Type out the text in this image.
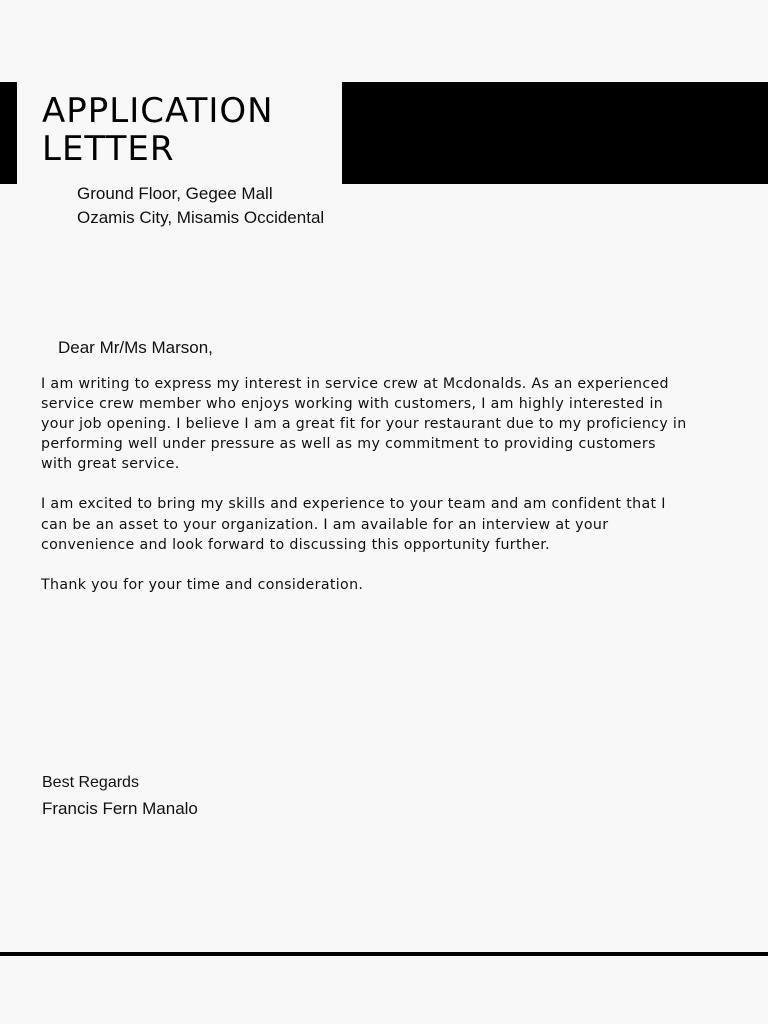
APPLICATION
LETTER
Ground Floor, Gegee Mall
Ozamis City, Misamis Occidental
Dear Mr/Ms Marson,

I am writing to express my interest in service crew at Mcdonalds. As an experienced service crew member who enjoys working with customers, I am highly interested in your job opening. I believe I am a great fit for your restaurant due to my proficiency in performing well under pressure as well as my commitment to providing customers with great service.

I am excited to bring my skills and experience to your team and am confident that I can be an asset to your organization. I am available for an interview at your convenience and look forward to discussing this opportunity further.

Thank you for your time and consideration.

Best Regards
Francis Fern Manalo
